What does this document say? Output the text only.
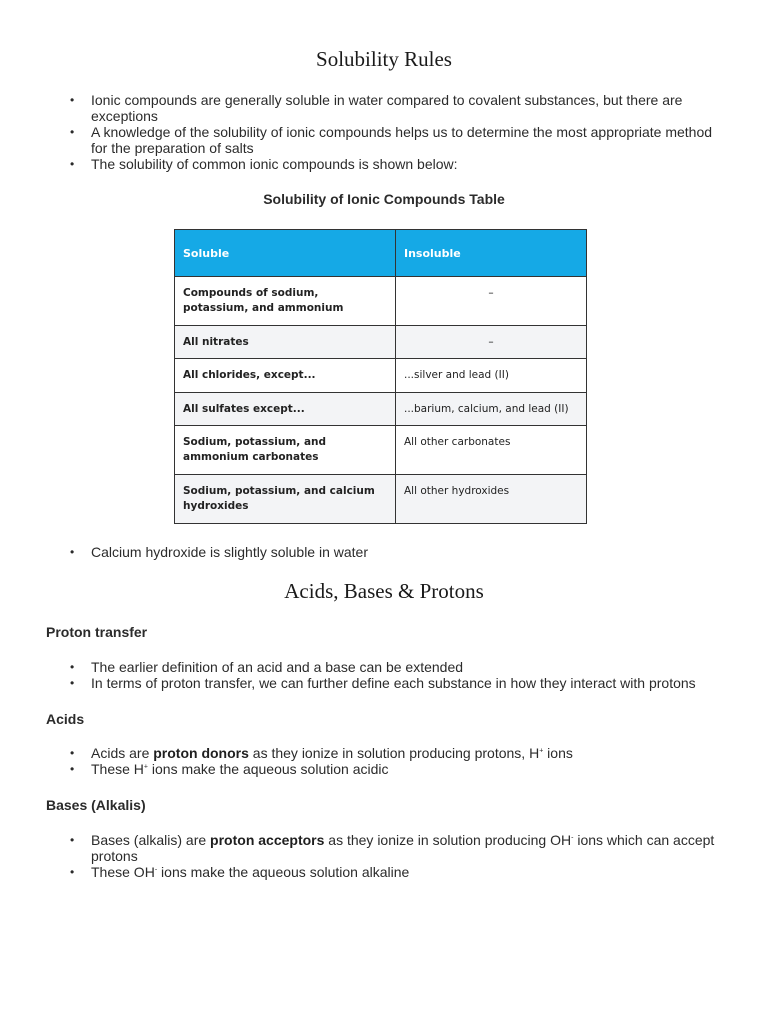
Solubility Rules
• Ionic compounds are generally soluble in water compared to covalent substances, but there are exceptions
• A knowledge of the solubility of ionic compounds helps us to determine the most appropriate method for the preparation of salts
• The solubility of common ionic compounds is shown below:
Solubility of Ionic Compounds Table
Soluble	Insoluble
Compounds of sodium, potassium, and ammonium	–
All nitrates	–
All chlorides, except...	...silver and lead (II)
All sulfates except...	...barium, calcium, and lead (II)
Sodium, potassium, and ammonium carbonates	All other carbonates
Sodium, potassium, and calcium hydroxides	All other hydroxides
• Calcium hydroxide is slightly soluble in water
Acids, Bases & Protons
Proton transfer
• The earlier definition of an acid and a base can be extended
• In terms of proton transfer, we can further define each substance in how they interact with protons
Acids
• Acids are proton donors as they ionize in solution producing protons, H+ ions
• These H+ ions make the aqueous solution acidic
Bases (Alkalis)
• Bases (alkalis) are proton acceptors as they ionize in solution producing OH- ions which can accept protons
• These OH- ions make the aqueous solution alkaline
